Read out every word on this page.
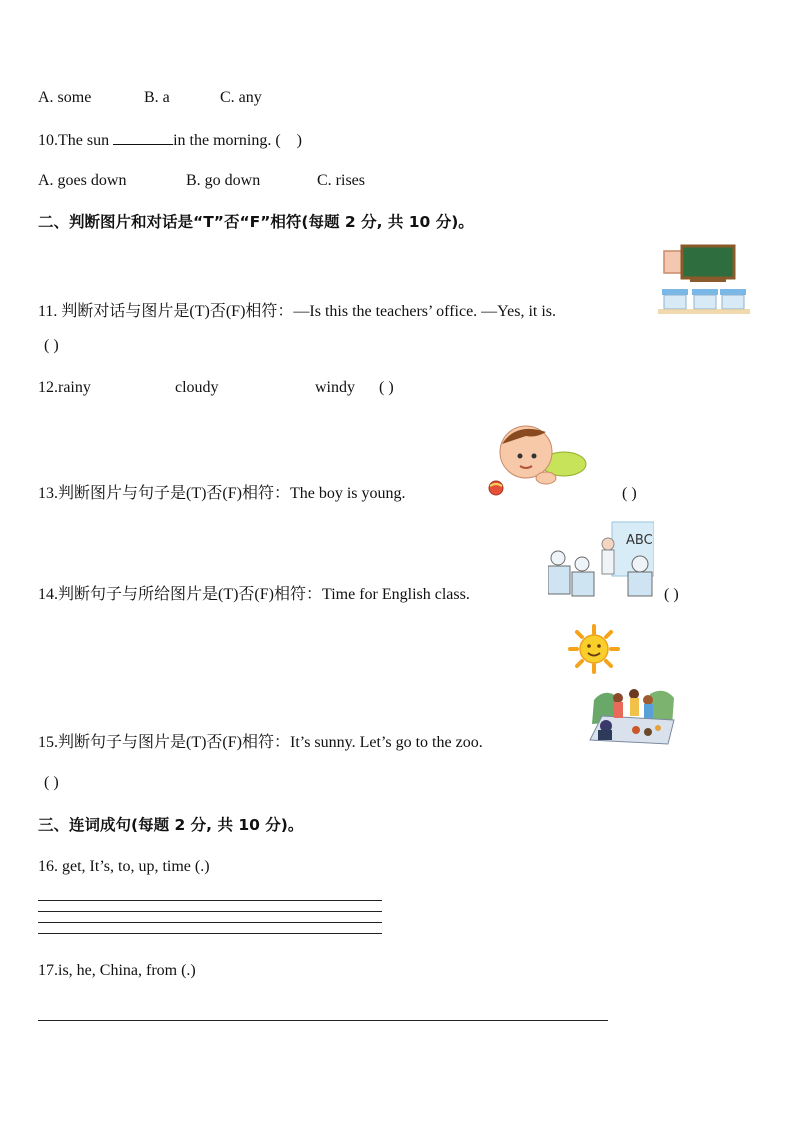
A. some	B. a	C. any
10.The sun	in the morning. ( )
A. goes down	B. go down	C. rises
二、判断图片和对话是“T”否“F”相符(每题 2 分, 共 10 分)。
11. 判断对话与图片是(T)否(F)相符：—Is this the teachers’ office. —Yes, it is.
( )
12.rainy	cloudy	windy ( )
13.判断图片与句子是(T)否(F)相符：The boy is young.	( )
ABC
14.判断句子与所给图片是(T)否(F)相符：Time for English class.	( )
15.判断句子与图片是(T)否(F)相符：It’s sunny. Let’s go to the zoo.
( )
三、连词成句(每题 2 分, 共 10 分)。
16. get, It’s, to, up, time (.)
17.is, he, China, from (.)
